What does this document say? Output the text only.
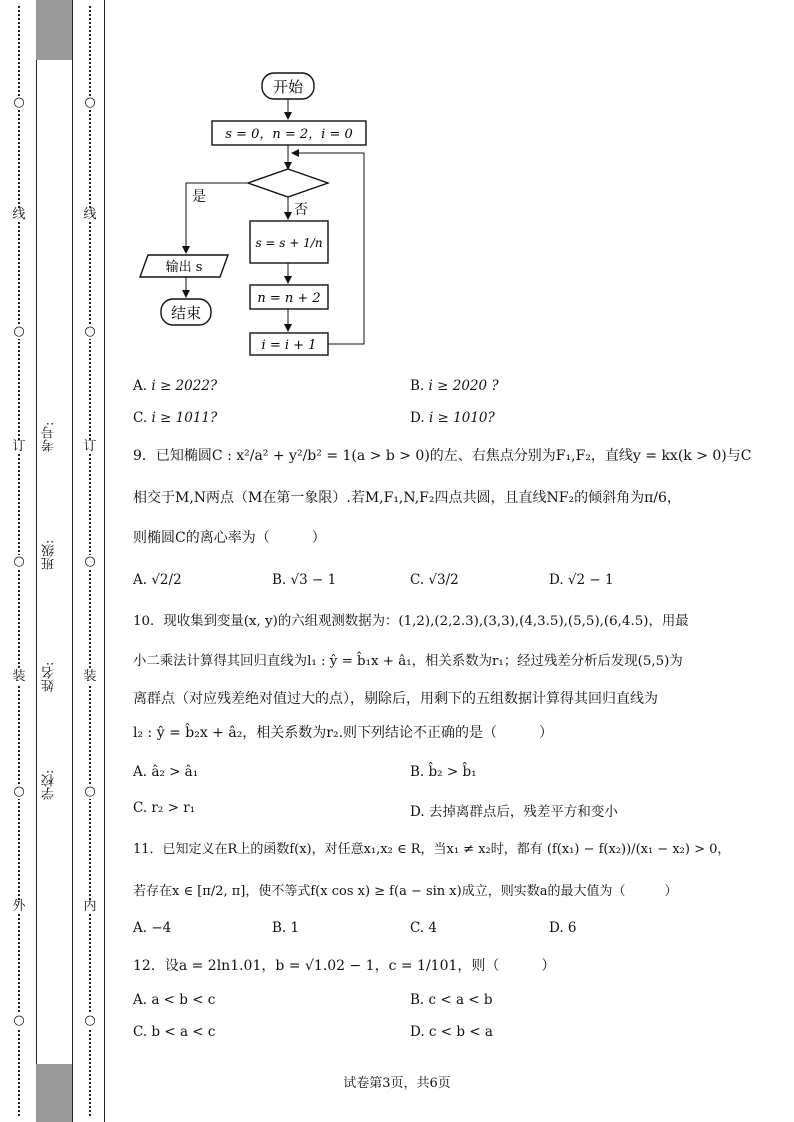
○
线
○
订
○
装
○
外
○
考号:
班级:
姓名:
学校:
○
线
○
订
○
装
○
内
○
开始
s = 0，n = 2，i = 0
是
否
s = s + 1/n
n = n + 2
i = i + 1
输出 s
结束
A. i ≥ 2022?	B. i ≥ 2020 ?
C. i ≥ 1011?	D. i ≥ 1010?
9．已知椭圆C : x²/a² + y²/b² = 1(a > b > 0)的左、右焦点分别为F₁,F₂，直线y = kx(k > 0)与C
相交于M,N两点（M在第一象限）.若M,F₁,N,F₂四点共圆，且直线NF₂的倾斜角为π/6，
则椭圆C的离心率为（　　　）
A. √2/2	B. √3 − 1	C. √3/2	D. √2 − 1
10．现收集到变量(x, y)的六组观测数据为：(1,2),(2,2.3),(3,3),(4,3.5),(5,5),(6,4.5)，用最
小二乘法计算得其回归直线为l₁ : ŷ = b̂₁x + â₁，相关系数为r₁；经过残差分析后发现(5,5)为
离群点（对应残差绝对值过大的点），剔除后，用剩下的五组数据计算得其回归直线为
l₂ : ŷ = b̂₂x + â₂，相关系数为r₂.则下列结论不正确的是（　　　）
A. â₂ > â₁	B. b̂₂ > b̂₁
C. r₂ > r₁	D. 去掉离群点后，残差平方和变小
11．已知定义在R上的函数f(x)，对任意x₁,x₂ ∈ R，当x₁ ≠ x₂时，都有 (f(x₁) − f(x₂))/(x₁ − x₂) > 0，
若存在x ∈ [π/2, π]，使不等式f(x cos x) ≥ f(a − sin x)成立，则实数a的最大值为（　　　）
A. −4	B. 1	C. 4	D. 6
12．设a = 2ln1.01，b = √1.02 − 1，c = 1/101，则（　　　）
A. a < b < c	B. c < a < b
C. b < a < c	D. c < b < a
试卷第3页，共6页
